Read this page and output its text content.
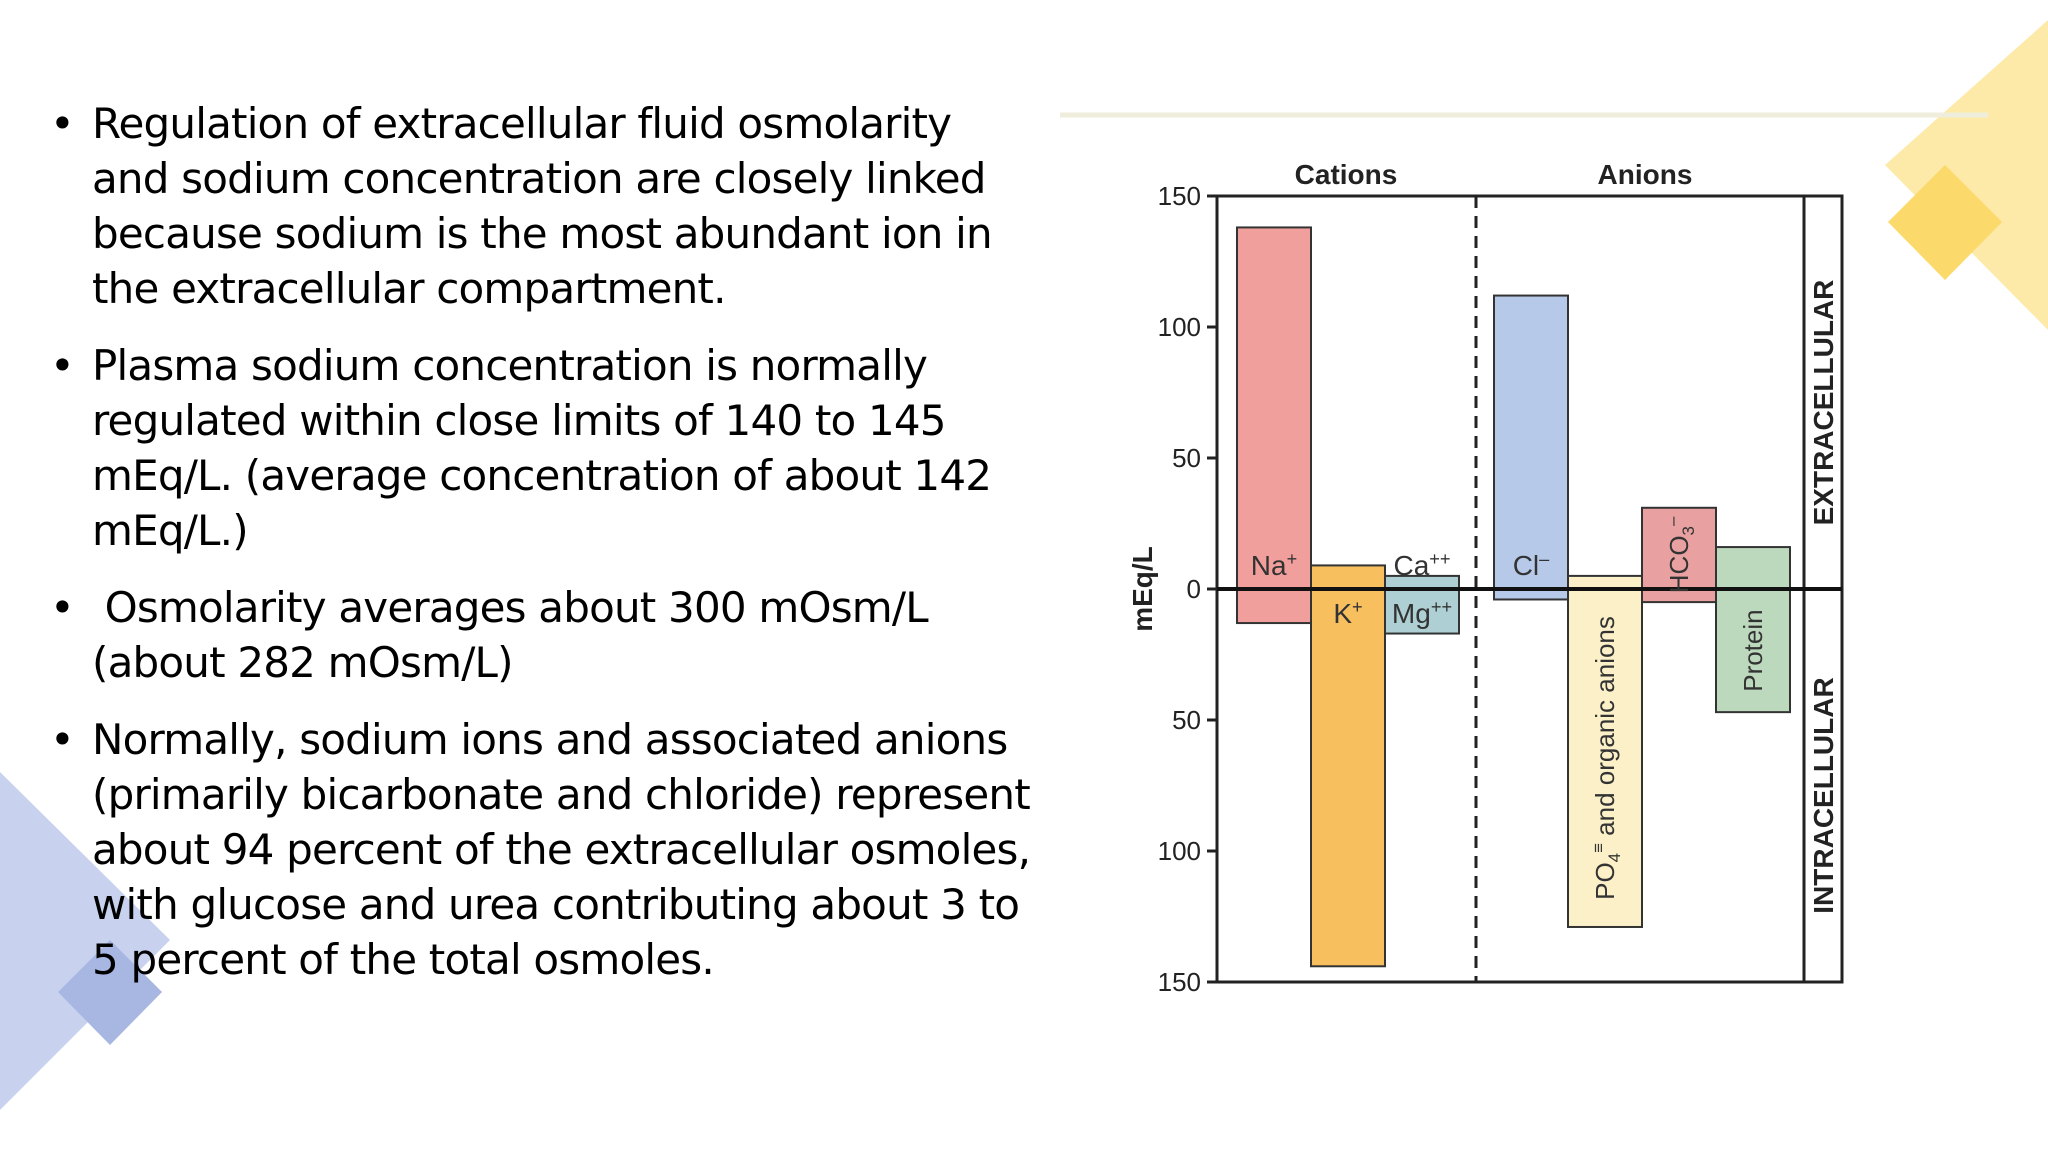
• Regulation of extracellular fluid osmolarity and sodium concentration are closely linked because sodium is the most abundant ion in the extracellular compartment.
• Plasma sodium concentration is normally regulated within close limits of 140 to 145 mEq/L. (average concentration of about 142 mEq/L.)
• Osmolarity averages about 300 mOsm/L (about 282 mOsm/L)
• Normally, sodium ions and associated anions (primarily bicarbonate and chloride) represent about 94 percent of the extracellular osmoles, with glucose and urea contributing about 3 to 5 percent of the total osmoles.
150
100
50
0
50
100
150
mEq/L
Cations	Anions
EXTRACELLULAR
INTRACELLULAR
Na+
K+
Ca++
Mg++
Cl–
$PO_4^\equiv$ and organic anions
$HCO_3^-$
Protein
